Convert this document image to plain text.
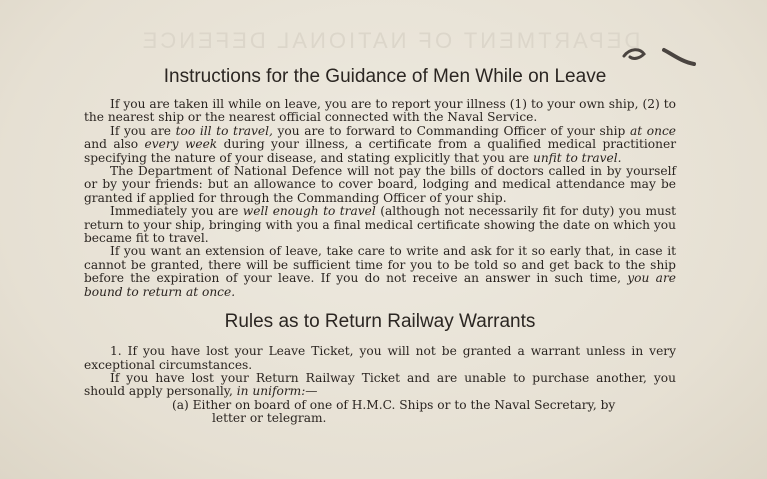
DEPARTMENT OF NATIONAL DEFENCE
Instructions for the Guidance of Men While on Leave

If you are taken ill while on leave, you are to report your illness (1) to your own ship, (2) to the nearest ship or the nearest official connected with the Naval Service.

If you are too ill to travel, you are to forward to Commanding Officer of your ship at once and also every week during your illness, a certificate from a qualified medical practitioner specifying the nature of your disease, and stating explicitly that you are unfit to travel.

The Department of National Defence will not pay the bills of doctors called in by yourself or by your friends: but an allowance to cover board, lodging and medical attendance may be granted if applied for through the Commanding Officer of your ship.

Immediately you are well enough to travel (although not necessarily fit for duty) you must return to your ship, bringing with you a final medical certificate showing the date on which you became fit to travel.

If you want an extension of leave, take care to write and ask for it so early that, in case it cannot be granted, there will be sufficient time for you to be told so and get back to the ship before the expiration of your leave. If you do not receive an answer in such time, you are bound to return at once.

Rules as to Return Railway Warrants

1. If you have lost your Leave Ticket, you will not be granted a warrant unless in very exceptional circumstances.

If you have lost your Return Railway Ticket and are unable to purchase another, you should apply personally, in uniform:—

(a) Either on board of one of H.M.C. Ships or to the Naval Secretary, by
letter or telegram.
